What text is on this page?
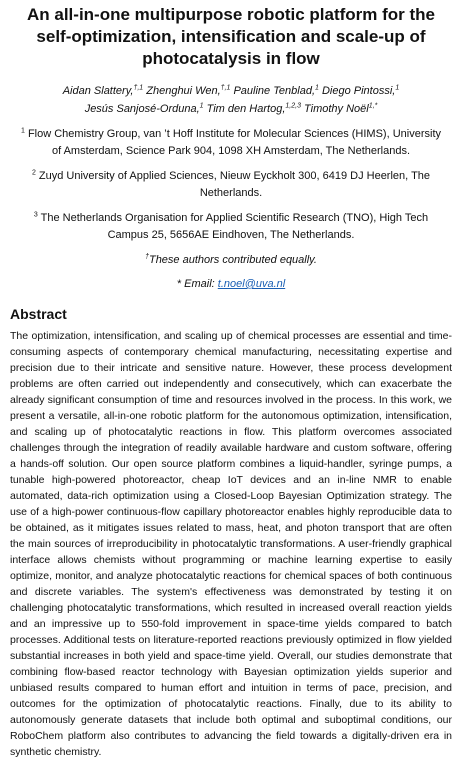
An all-in-one multipurpose robotic platform for the self-optimization, intensification and scale-up of photocatalysis in flow
Aidan Slattery,$^{\dagger,1}$ Zhenghui Wen,$^{\dagger,1}$ Pauline Tenblad,$^1$ Diego Pintossi,$^1$
Jesús Sanjosé-Orduna,$^1$ Tim den Hartog,$^{1,2,3}$ Timothy Noël$^{1,*}$
$^1$ Flow Chemistry Group, van ’t Hoff Institute for Molecular Sciences (HIMS), University of Amsterdam, Science Park 904, 1098 XH Amsterdam, The Netherlands.
$^2$ Zuyd University of Applied Sciences, Nieuw Eyckholt 300, 6419 DJ Heerlen, The Netherlands.
$^3$ The Netherlands Organisation for Applied Scientific Research (TNO), High Tech Campus 25, 5656AE Eindhoven, The Netherlands.
†These authors contributed equally.
* Email: t.noel@uva.nl
Abstract

The optimization, intensification, and scaling up of chemical processes are essential and time-consuming aspects of contemporary chemical manufacturing, necessitating expertise and precision due to their intricate and sensitive nature. However, these process development problems are often carried out independently and consecutively, which can exacerbate the already significant consumption of time and resources involved in the process. In this work, we present a versatile, all-in-one robotic platform for the autonomous optimization, intensification, and scaling up of photocatalytic reactions in flow. This platform overcomes associated challenges through the integration of readily available hardware and custom software, offering a hands-off solution. Our open source platform combines a liquid-handler, syringe pumps, a tunable high-powered photoreactor, cheap IoT devices and an in-line NMR to enable automated, data-rich optimization using a Closed-Loop Bayesian Optimization strategy. The use of a high-power continuous-flow capillary photoreactor enables highly reproducible data to be obtained, as it mitigates issues related to mass, heat, and photon transport that are often the main sources of irreproducibility in photocatalytic transformations. A user-friendly graphical interface allows chemists without programming or machine learning expertise to easily optimize, monitor, and analyze photocatalytic reactions for chemical spaces of both continuous and discrete variables. The system's effectiveness was demonstrated by testing it on challenging photocatalytic transformations, which resulted in increased overall reaction yields and an impressive up to 550-fold improvement in space-time yields compared to batch processes. Additional tests on literature-reported reactions previously optimized in flow yielded substantial increases in both yield and space-time yield. Overall, our studies demonstrate that combining flow-based reactor technology with Bayesian optimization yields superior and unbiased results compared to human effort and intuition in terms of pace, precision, and outcomes for the optimization of photocatalytic reactions. Finally, due to its ability to autonomously generate datasets that include both optimal and suboptimal conditions, our RoboChem platform also contributes to advancing the field towards a digitally-driven era in synthetic chemistry.
